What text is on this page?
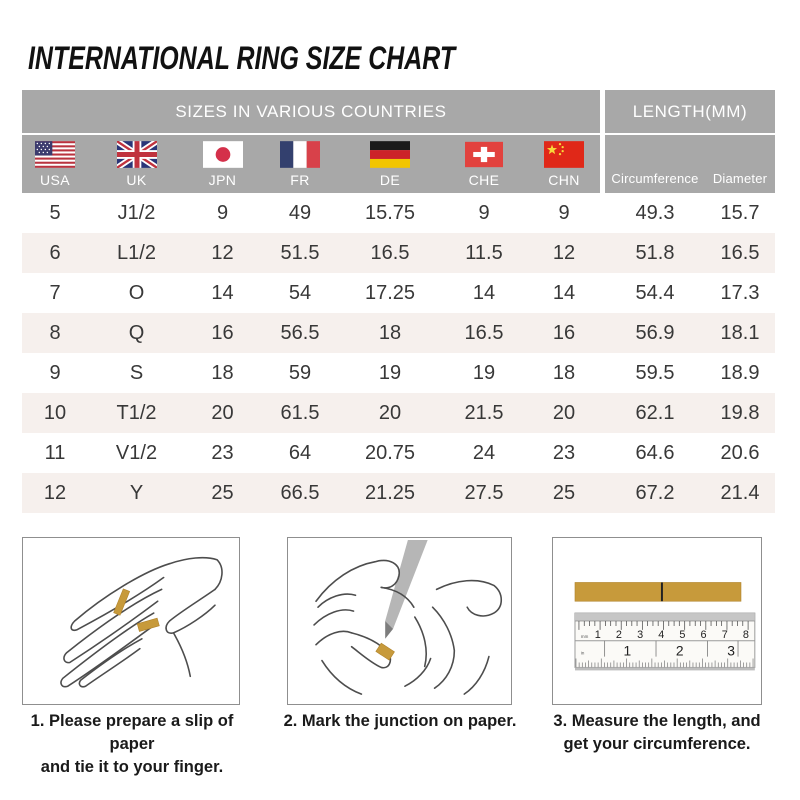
INTERNATIONAL RING SIZE CHART
SIZES IN VARIOUS COUNTRIES	LENGTH(MM)
USA	UK	JPN	FR	DE	CHE	CHN	Circumference	Diameter
5	J1/2	9	49	15.75	9	9	49.3	15.7
6	L1/2	12	51.5	16.5	11.5	12	51.8	16.5
7	O	14	54	17.25	14	14	54.4	17.3
8	Q	16	56.5	18	16.5	16	56.9	18.1
9	S	18	59	19	19	18	59.5	18.9
10	T1/2	20	61.5	20	21.5	20	62.1	19.8
11	V1/2	23	64	20.75	24	23	64.6	20.6
12	Y	25	66.5	21.25	27.5	25	67.2	21.4
mm 1 2 3 4 5 6 7 8
in	1	2	3
1. Please prepare a slip of paper
and tie it to your finger.
2. Mark the junction on paper.	3. Measure the length, and
get your circumference.
